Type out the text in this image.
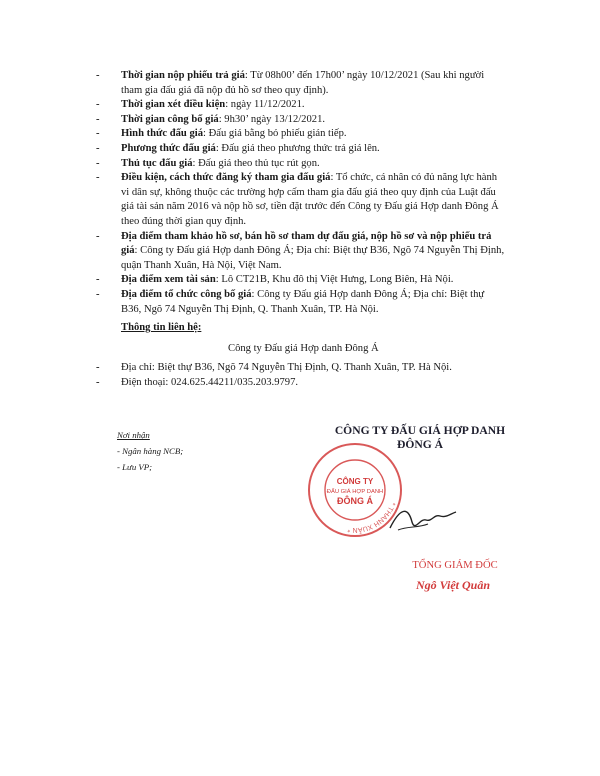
- Thời gian nộp phiếu trả giá: Từ 08h00’ đến 17h00’ ngày 10/12/2021 (Sau khi người tham gia đấu giá đã nộp đủ hồ sơ theo quy định).

- Thời gian xét điều kiện: ngày 11/12/2021.

- Thời gian công bố giá: 9h30’ ngày 13/12/2021.

- Hình thức đấu giá: Đấu giá bằng bỏ phiếu gián tiếp.

- Phương thức đấu giá: Đấu giá theo phương thức trả giá lên.

- Thủ tục đấu giá: Đấu giá theo thủ tục rút gọn.

- Điều kiện, cách thức đăng ký tham gia đấu giá: Tổ chức, cá nhân có đủ năng lực hành vi dân sự, không thuộc các trường hợp cấm tham gia đấu giá theo quy định của Luật đấu giá tài sản năm 2016 và nộp hồ sơ, tiền đặt trước đến Công ty Đấu giá Hợp danh Đông Á theo đúng thời gian quy định.

- Địa điểm tham khảo hồ sơ, bán hồ sơ tham dự đấu giá, nộp hồ sơ và nộp phiếu trả giá: Công ty Đấu giá Hợp danh Đông Á; Địa chỉ: Biệt thự B36, Ngõ 74 Nguyễn Thị Định, quận Thanh Xuân, Hà Nội, Việt Nam.

- Địa điểm xem tài sản: Lô CT21B, Khu đô thị Việt Hưng, Long Biên, Hà Nội.

- Địa điểm tổ chức công bố giá: Công ty Đấu giá Hợp danh Đông Á; Địa chỉ: Biệt thự B36, Ngõ 74 Nguyễn Thị Định, Q. Thanh Xuân, TP. Hà Nội.

Thông tin liên hệ:
Công ty Đấu giá Hợp danh Đông Á

- Địa chỉ: Biệt thự B36, Ngõ 74 Nguyễn Thị Định, Q. Thanh Xuân, TP. Hà Nội.

- Điện thoại: 024.625.44211/035.203.9797.

Nơi nhận
- Ngân hàng NCB;
- Lưu VP;
CÔNG TY ĐẤU GIÁ HỢP DANH
ĐÔNG Á
* THANH XUÂN *
CÔNG TY
ĐẤU GIÁ HỢP DANH
ĐÔNG Á
TỔNG GIÁM ĐỐC
Ngô Việt Quân
